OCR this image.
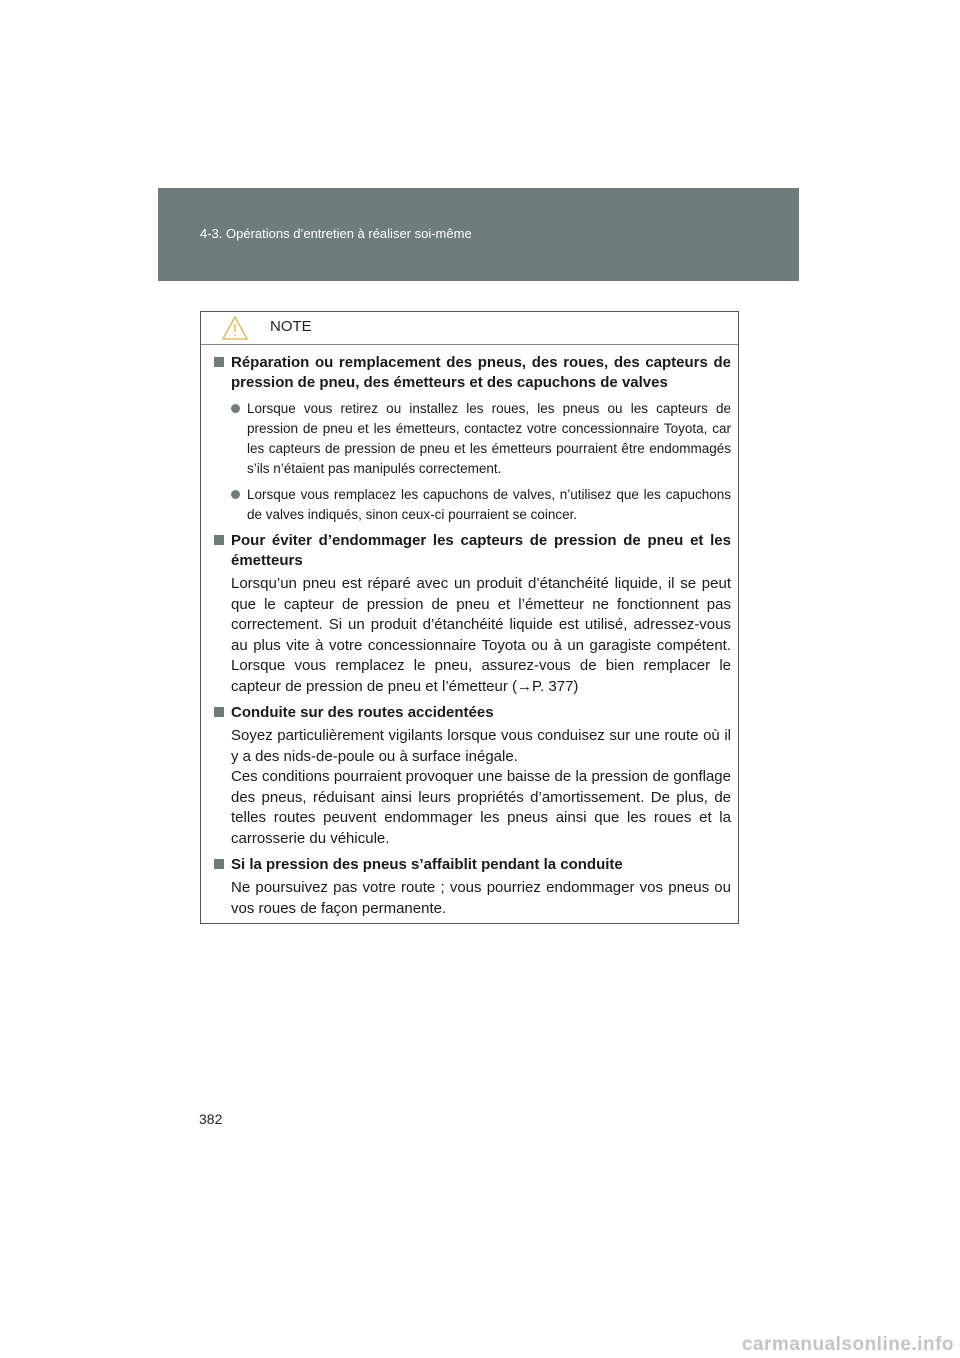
4-3. Opérations d’entretien à réaliser soi-même
NOTE
Réparation ou remplacement des pneus, des roues, des capteurs de pression de pneu, des émetteurs et des capuchons de valves
Lorsque vous retirez ou installez les roues, les pneus ou les capteurs de pression de pneu et les émetteurs, contactez votre concessionnaire Toyota, car les capteurs de pression de pneu et les émetteurs pourraient être endommagés s’ils n’étaient pas manipulés correctement.
Lorsque vous remplacez les capuchons de valves, n’utilisez que les capuchons de valves indiqués, sinon ceux-ci pourraient se coincer.
Pour éviter d’endommager les capteurs de pression de pneu et les émetteurs
Lorsqu’un pneu est réparé avec un produit d’étanchéité liquide, il se peut que le capteur de pression de pneu et l’émetteur ne fonctionnent pas correctement. Si un produit d’étanchéité liquide est utilisé, adressez-vous au plus vite à votre concessionnaire Toyota ou à un garagiste compétent. Lorsque vous remplacez le pneu, assurez-vous de bien remplacer le capteur de pression de pneu et l’émetteur (→P. 377)
Conduite sur des routes accidentées
Soyez particulièrement vigilants lorsque vous conduisez sur une route où il y a des nids-de-poule ou à surface inégale.
Ces conditions pourraient provoquer une baisse de la pression de gonflage des pneus, réduisant ainsi leurs propriétés d’amortissement. De plus, de telles routes peuvent endommager les pneus ainsi que les roues et la carrosserie du véhicule.
Si la pression des pneus s’affaiblit pendant la conduite
Ne poursuivez pas votre route ; vous pourriez endommager vos pneus ou vos roues de façon permanente.
382
carmanualsonline.info
